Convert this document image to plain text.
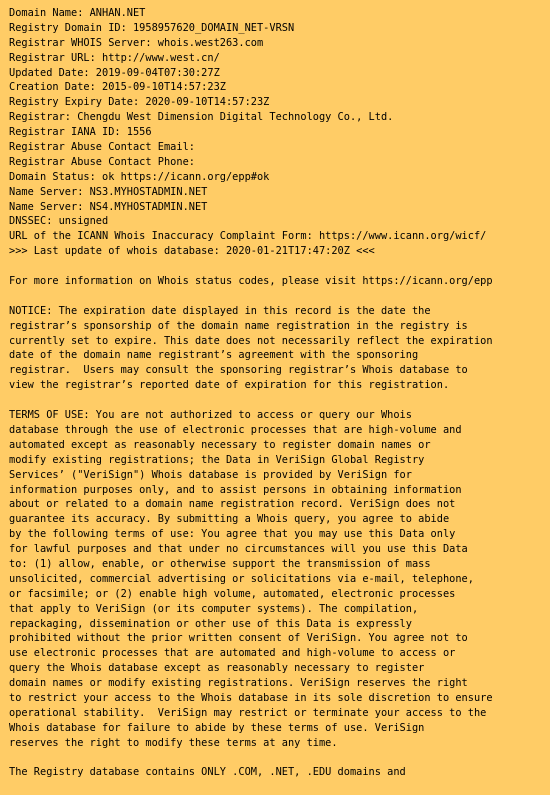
Domain Name: ANHAN.NET
Registry Domain ID: 1958957620_DOMAIN_NET-VRSN
Registrar WHOIS Server: whois.west263.com
Registrar URL: http://www.west.cn/
Updated Date: 2019-09-04T07:30:27Z
Creation Date: 2015-09-10T14:57:23Z
Registry Expiry Date: 2020-09-10T14:57:23Z
Registrar: Chengdu West Dimension Digital Technology Co., Ltd.
Registrar IANA ID: 1556
Registrar Abuse Contact Email:
Registrar Abuse Contact Phone:
Domain Status: ok https://icann.org/epp#ok
Name Server: NS3.MYHOSTADMIN.NET
Name Server: NS4.MYHOSTADMIN.NET
DNSSEC: unsigned
URL of the ICANN Whois Inaccuracy Complaint Form: https://www.icann.org/wicf/
>>> Last update of whois database: 2020-01-21T17:47:20Z <<<
For more information on Whois status codes, please visit https://icann.org/epp
NOTICE: The expiration date displayed in this record is the date the
registrar’s sponsorship of the domain name registration in the registry is
currently set to expire. This date does not necessarily reflect the expiration
date of the domain name registrant’s agreement with the sponsoring
registrar.  Users may consult the sponsoring registrar’s Whois database to
view the registrar’s reported date of expiration for this registration.
TERMS OF USE: You are not authorized to access or query our Whois
database through the use of electronic processes that are high-volume and
automated except as reasonably necessary to register domain names or
modify existing registrations; the Data in VeriSign Global Registry
Services’ ("VeriSign") Whois database is provided by VeriSign for
information purposes only, and to assist persons in obtaining information
about or related to a domain name registration record. VeriSign does not
guarantee its accuracy. By submitting a Whois query, you agree to abide
by the following terms of use: You agree that you may use this Data only
for lawful purposes and that under no circumstances will you use this Data
to: (1) allow, enable, or otherwise support the transmission of mass
unsolicited, commercial advertising or solicitations via e-mail, telephone,
or facsimile; or (2) enable high volume, automated, electronic processes
that apply to VeriSign (or its computer systems). The compilation,
repackaging, dissemination or other use of this Data is expressly
prohibited without the prior written consent of VeriSign. You agree not to
use electronic processes that are automated and high-volume to access or
query the Whois database except as reasonably necessary to register
domain names or modify existing registrations. VeriSign reserves the right
to restrict your access to the Whois database in its sole discretion to ensure
operational stability.  VeriSign may restrict or terminate your access to the
Whois database for failure to abide by these terms of use. VeriSign
reserves the right to modify these terms at any time.
The Registry database contains ONLY .COM, .NET, .EDU domains and
